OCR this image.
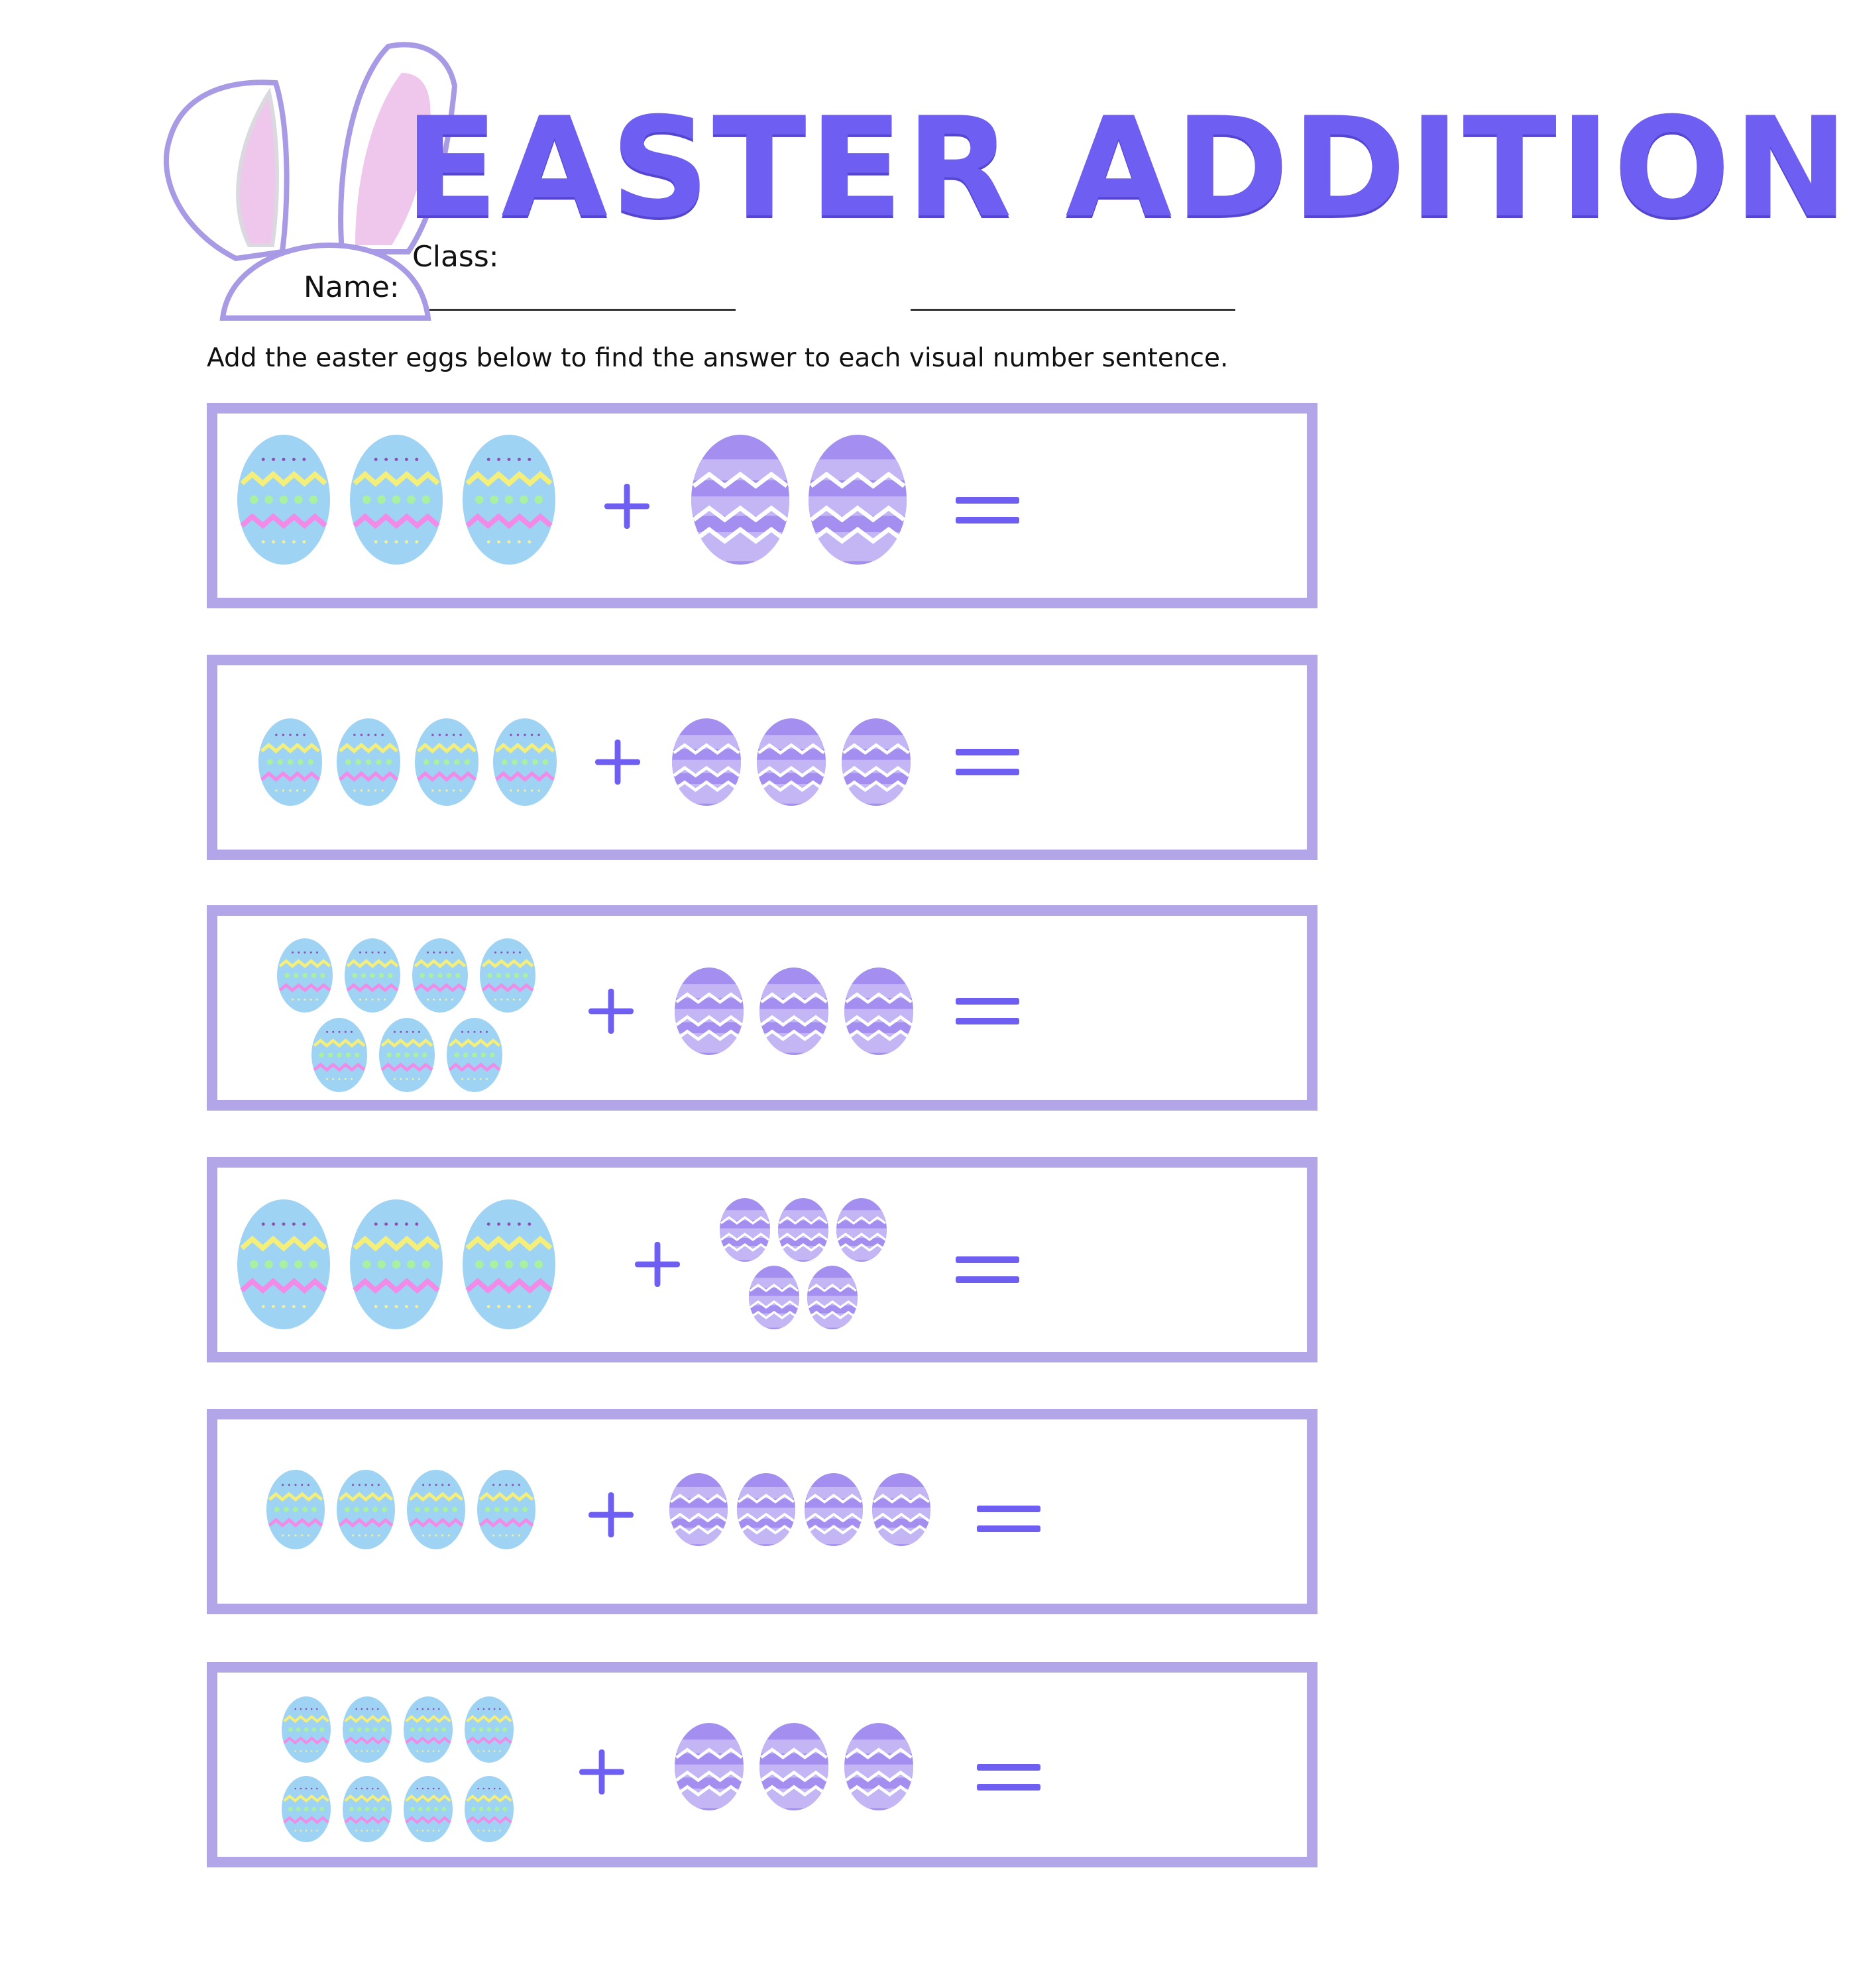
EASTER ADDITION
Class:
Name:
Add the easter eggs below to find the answer to each visual number sentence.
